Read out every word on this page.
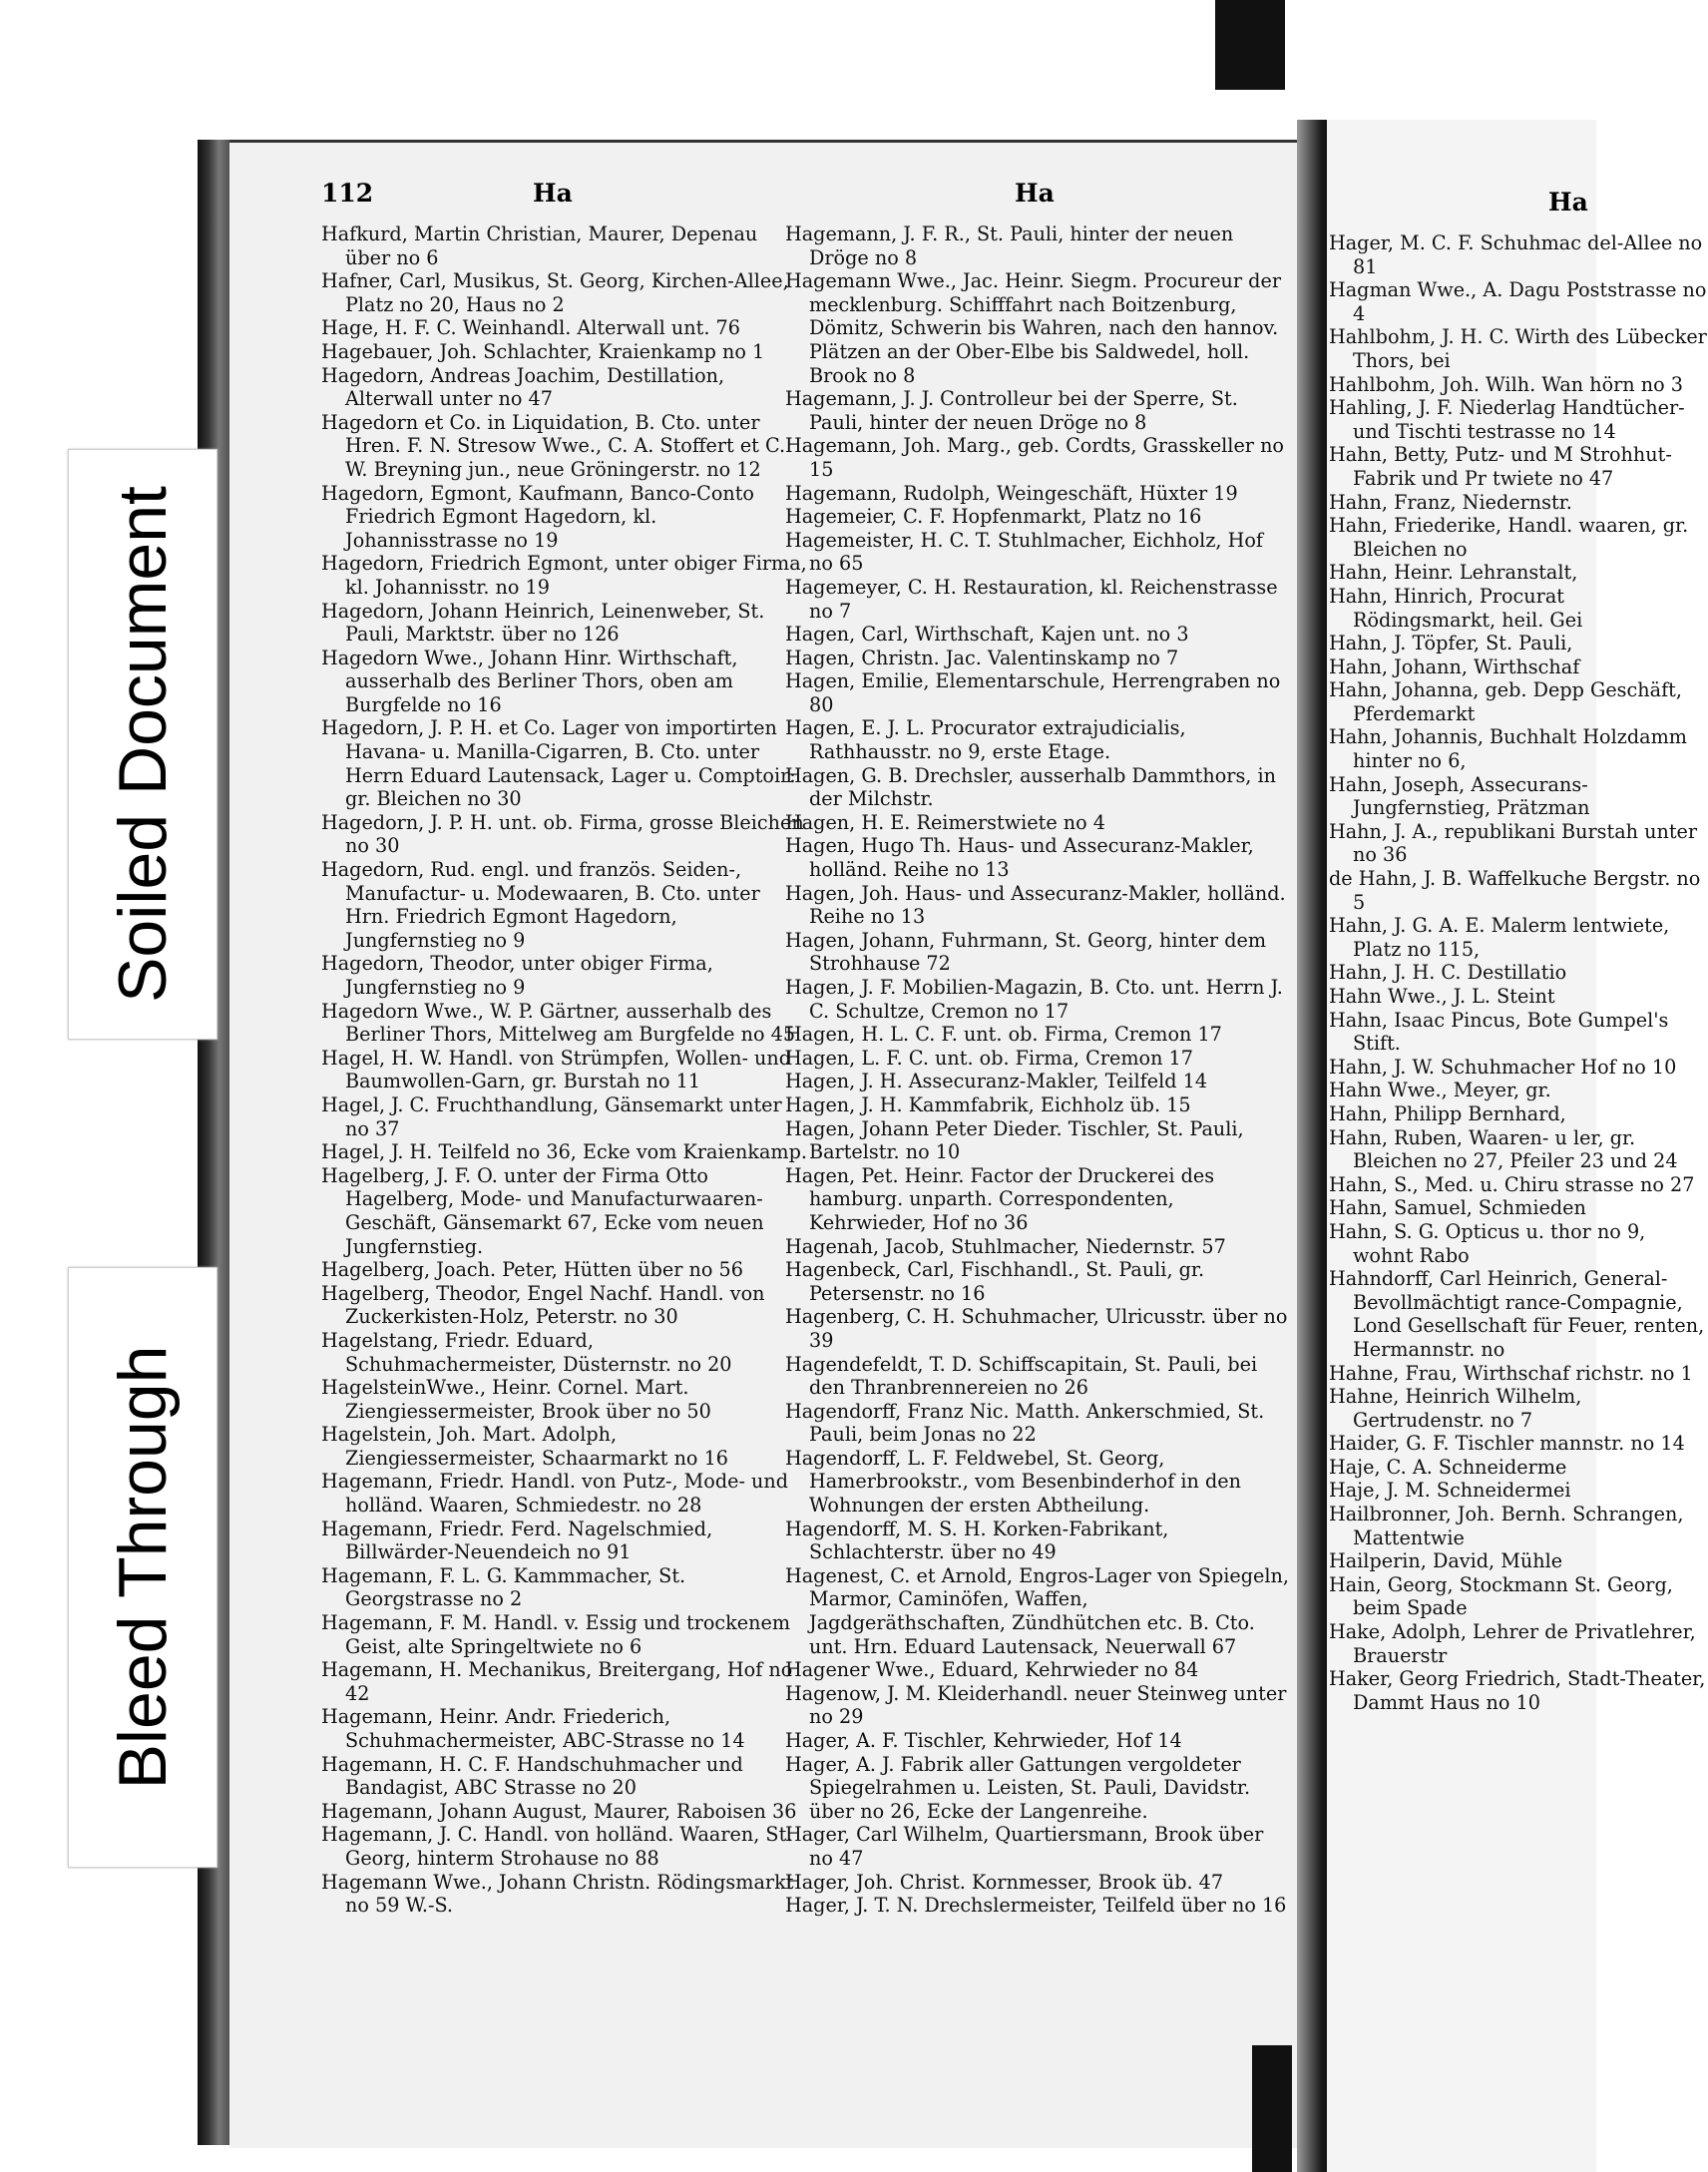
112	Ha

Hafkurd, Martin Christian, Maurer, Depenau über no 6

Hafner, Carl, Musikus, St. Georg, Kirchen-Allee, Platz no 20, Haus no 2

Hage, H. F. C. Weinhandl. Alterwall unt. 76

Hagebauer, Joh. Schlachter, Kraienkamp no 1

Hagedorn, Andreas Joachim, Destillation, Alterwall unter no 47

Hagedorn et Co. in Liquidation, B. Cto. unter Hren. F. N. Stresow Wwe., C. A. Stoffert et C. W. Breyning jun., neue Gröningerstr. no 12

Hagedorn, Egmont, Kaufmann, Banco-Conto Friedrich Egmont Hagedorn, kl. Johannisstrasse no 19

Hagedorn, Friedrich Egmont, unter obiger Firma, kl. Johannisstr. no 19

Hagedorn, Johann Heinrich, Leinenweber, St. Pauli, Marktstr. über no 126

Hagedorn Wwe., Johann Hinr. Wirthschaft, ausserhalb des Berliner Thors, oben am Burgfelde no 16

Hagedorn, J. P. H. et Co. Lager von importirten Havana- u. Manilla-Cigarren, B. Cto. unter Herrn Eduard Lautensack, Lager u. Comptoir: gr. Bleichen no 30

Hagedorn, J. P. H. unt. ob. Firma, grosse Bleichen no 30

Hagedorn, Rud. engl. und französ. Seiden-, Manufactur- u. Modewaaren, B. Cto. unter Hrn. Friedrich Egmont Hagedorn, Jungfernstieg no 9

Hagedorn, Theodor, unter obiger Firma, Jungfernstieg no 9

Hagedorn Wwe., W. P. Gärtner, ausserhalb des Berliner Thors, Mittelweg am Burgfelde no 45

Hagel, H. W. Handl. von Strümpfen, Wollen- und Baumwollen-Garn, gr. Burstah no 11

Hagel, J. C. Fruchthandlung, Gänsemarkt unter no 37

Hagel, J. H. Teilfeld no 36, Ecke vom Kraienkamp.

Hagelberg, J. F. O. unter der Firma Otto Hagelberg, Mode- und Manufacturwaaren-Geschäft, Gänsemarkt 67, Ecke vom neuen Jungfernstieg.

Hagelberg, Joach. Peter, Hütten über no 56

Hagelberg, Theodor, Engel Nachf. Handl. von Zuckerkisten-Holz, Peterstr. no 30

Hagelstang, Friedr. Eduard, Schuhmachermeister, Düsternstr. no 20

HagelsteinWwe., Heinr. Cornel. Mart. Ziengiessermeister, Brook über no 50

Hagelstein, Joh. Mart. Adolph, Ziengiessermeister, Schaarmarkt no 16

Hagemann, Friedr. Handl. von Putz-, Mode- und holländ. Waaren, Schmiedestr. no 28

Hagemann, Friedr. Ferd. Nagelschmied, Billwärder-Neuendeich no 91

Hagemann, F. L. G. Kammmacher, St. Georgstrasse no 2

Hagemann, F. M. Handl. v. Essig und trockenem Geist, alte Springeltwiete no 6

Hagemann, H. Mechanikus, Breitergang, Hof no 42

Hagemann, Heinr. Andr. Friederich, Schuhmachermeister, ABC-Strasse no 14

Hagemann, H. C. F. Handschuhmacher und Bandagist, ABC Strasse no 20

Hagemann, Johann August, Maurer, Raboisen 36

Hagemann, J. C. Handl. von holländ. Waaren, St. Georg, hinterm Strohause no 88

Hagemann Wwe., Johann Christn. Rödingsmarkt no 59 W.-S.

Ha

Hagemann, J. F. R., St. Pauli, hinter der neuen Dröge no 8

Hagemann Wwe., Jac. Heinr. Siegm. Procureur der mecklenburg. Schifffahrt nach Boitzenburg, Dömitz, Schwerin bis Wahren, nach den hannov. Plätzen an der Ober-Elbe bis Saldwedel, holl. Brook no 8

Hagemann, J. J. Controlleur bei der Sperre, St. Pauli, hinter der neuen Dröge no 8

Hagemann, Joh. Marg., geb. Cordts, Grasskeller no 15

Hagemann, Rudolph, Weingeschäft, Hüxter 19

Hagemeier, C. F. Hopfenmarkt, Platz no 16

Hagemeister, H. C. T. Stuhlmacher, Eichholz, Hof no 65

Hagemeyer, C. H. Restauration, kl. Reichenstrasse no 7

Hagen, Carl, Wirthschaft, Kajen unt. no 3

Hagen, Christn. Jac. Valentinskamp no 7

Hagen, Emilie, Elementarschule, Herrengraben no 80

Hagen, E. J. L. Procurator extrajudicialis, Rathhausstr. no 9, erste Etage.

Hagen, G. B. Drechsler, ausserhalb Dammthors, in der Milchstr.

Hagen, H. E. Reimerstwiete no 4

Hagen, Hugo Th. Haus- und Assecuranz-Makler, holländ. Reihe no 13

Hagen, Joh. Haus- und Assecuranz-Makler, holländ. Reihe no 13

Hagen, Johann, Fuhrmann, St. Georg, hinter dem Strohhause 72

Hagen, J. F. Mobilien-Magazin, B. Cto. unt. Herrn J. C. Schultze, Cremon no 17

Hagen, H. L. C. F. unt. ob. Firma, Cremon 17

Hagen, L. F. C. unt. ob. Firma, Cremon 17

Hagen, J. H. Assecuranz-Makler, Teilfeld 14

Hagen, J. H. Kammfabrik, Eichholz üb. 15

Hagen, Johann Peter Dieder. Tischler, St. Pauli, Bartelstr. no 10

Hagen, Pet. Heinr. Factor der Druckerei des hamburg. unparth. Correspondenten, Kehrwieder, Hof no 36

Hagenah, Jacob, Stuhlmacher, Niedernstr. 57

Hagenbeck, Carl, Fischhandl., St. Pauli, gr. Petersenstr. no 16

Hagenberg, C. H. Schuhmacher, Ulricusstr. über no 39

Hagendefeldt, T. D. Schiffscapitain, St. Pauli, bei den Thranbrennereien no 26

Hagendorff, Franz Nic. Matth. Ankerschmied, St. Pauli, beim Jonas no 22

Hagendorff, L. F. Feldwebel, St. Georg, Hamerbrookstr., vom Besenbinderhof in den Wohnungen der ersten Abtheilung.

Hagendorff, M. S. H. Korken-Fabrikant, Schlachterstr. über no 49

Hagenest, C. et Arnold, Engros-Lager von Spiegeln, Marmor, Caminöfen, Waffen, Jagdgeräthschaften, Zündhütchen etc. B. Cto. unt. Hrn. Eduard Lautensack, Neuerwall 67

Hagener Wwe., Eduard, Kehrwieder no 84

Hagenow, J. M. Kleiderhandl. neuer Steinweg unter no 29

Hager, A. F. Tischler, Kehrwieder, Hof 14

Hager, A. J. Fabrik aller Gattungen vergoldeter Spiegelrahmen u. Leisten, St. Pauli, Davidstr. über no 26, Ecke der Langenreihe.

Hager, Carl Wilhelm, Quartiersmann, Brook über no 47

Hager, Joh. Christ. Kornmesser, Brook üb. 47

Hager, J. T. N. Drechslermeister, Teilfeld über no 16

Ha

Hager, M. C. F. Schuhmac del-Allee no 81

Hagman Wwe., A. Dagu Poststrasse no 4

Hahlbohm, J. H. C. Wirth des Lübecker Thors, bei

Hahlbohm, Joh. Wilh. Wan hörn no 3

Hahling, J. F. Niederlag Handtücher- und Tischti testrasse no 14

Hahn, Betty, Putz- und M Strohhut-Fabrik und Pr twiete no 47

Hahn, Franz, Niedernstr.

Hahn, Friederike, Handl. waaren, gr. Bleichen no

Hahn, Heinr. Lehranstalt,

Hahn, Hinrich, Procurat Rödingsmarkt, heil. Gei

Hahn, J. Töpfer, St. Pauli,

Hahn, Johann, Wirthschaf

Hahn, Johanna, geb. Depp Geschäft, Pferdemarkt

Hahn, Johannis, Buchhalt Holzdamm hinter no 6,

Hahn, Joseph, Assecurans- Jungfernstieg, Prätzman

Hahn, J. A., republikani Burstah unter no 36

de Hahn, J. B. Waffelkuche Bergstr. no 5

Hahn, J. G. A. E. Malerm lentwiete, Platz no 115,

Hahn, J. H. C. Destillatio

Hahn Wwe., J. L. Steint

Hahn, Isaac Pincus, Bote Gumpel's Stift.

Hahn, J. W. Schuhmacher Hof no 10

Hahn Wwe., Meyer, gr.

Hahn, Philipp Bernhard,

Hahn, Ruben, Waaren- u ler, gr. Bleichen no 27, Pfeiler 23 und 24

Hahn, S., Med. u. Chiru strasse no 27

Hahn, Samuel, Schmieden

Hahn, S. G. Opticus u. thor no 9, wohnt Rabo

Hahndorff, Carl Heinrich, General-Bevollmächtigt rance-Compagnie, Lond Gesellschaft für Feuer, renten, Hermannstr. no

Hahne, Frau, Wirthschaf richstr. no 1

Hahne, Heinrich Wilhelm, Gertrudenstr. no 7

Haider, G. F. Tischler mannstr. no 14

Haje, C. A. Schneiderme

Haje, J. M. Schneidermei

Hailbronner, Joh. Bernh. Schrangen, Mattentwie

Hailperin, David, Mühle

Hain, Georg, Stockmann St. Georg, beim Spade

Hake, Adolph, Lehrer de Privatlehrer, Brauerstr

Haker, Georg Friedrich, Stadt-Theater, Dammt Haus no 10

Soiled Document
Bleed Through
